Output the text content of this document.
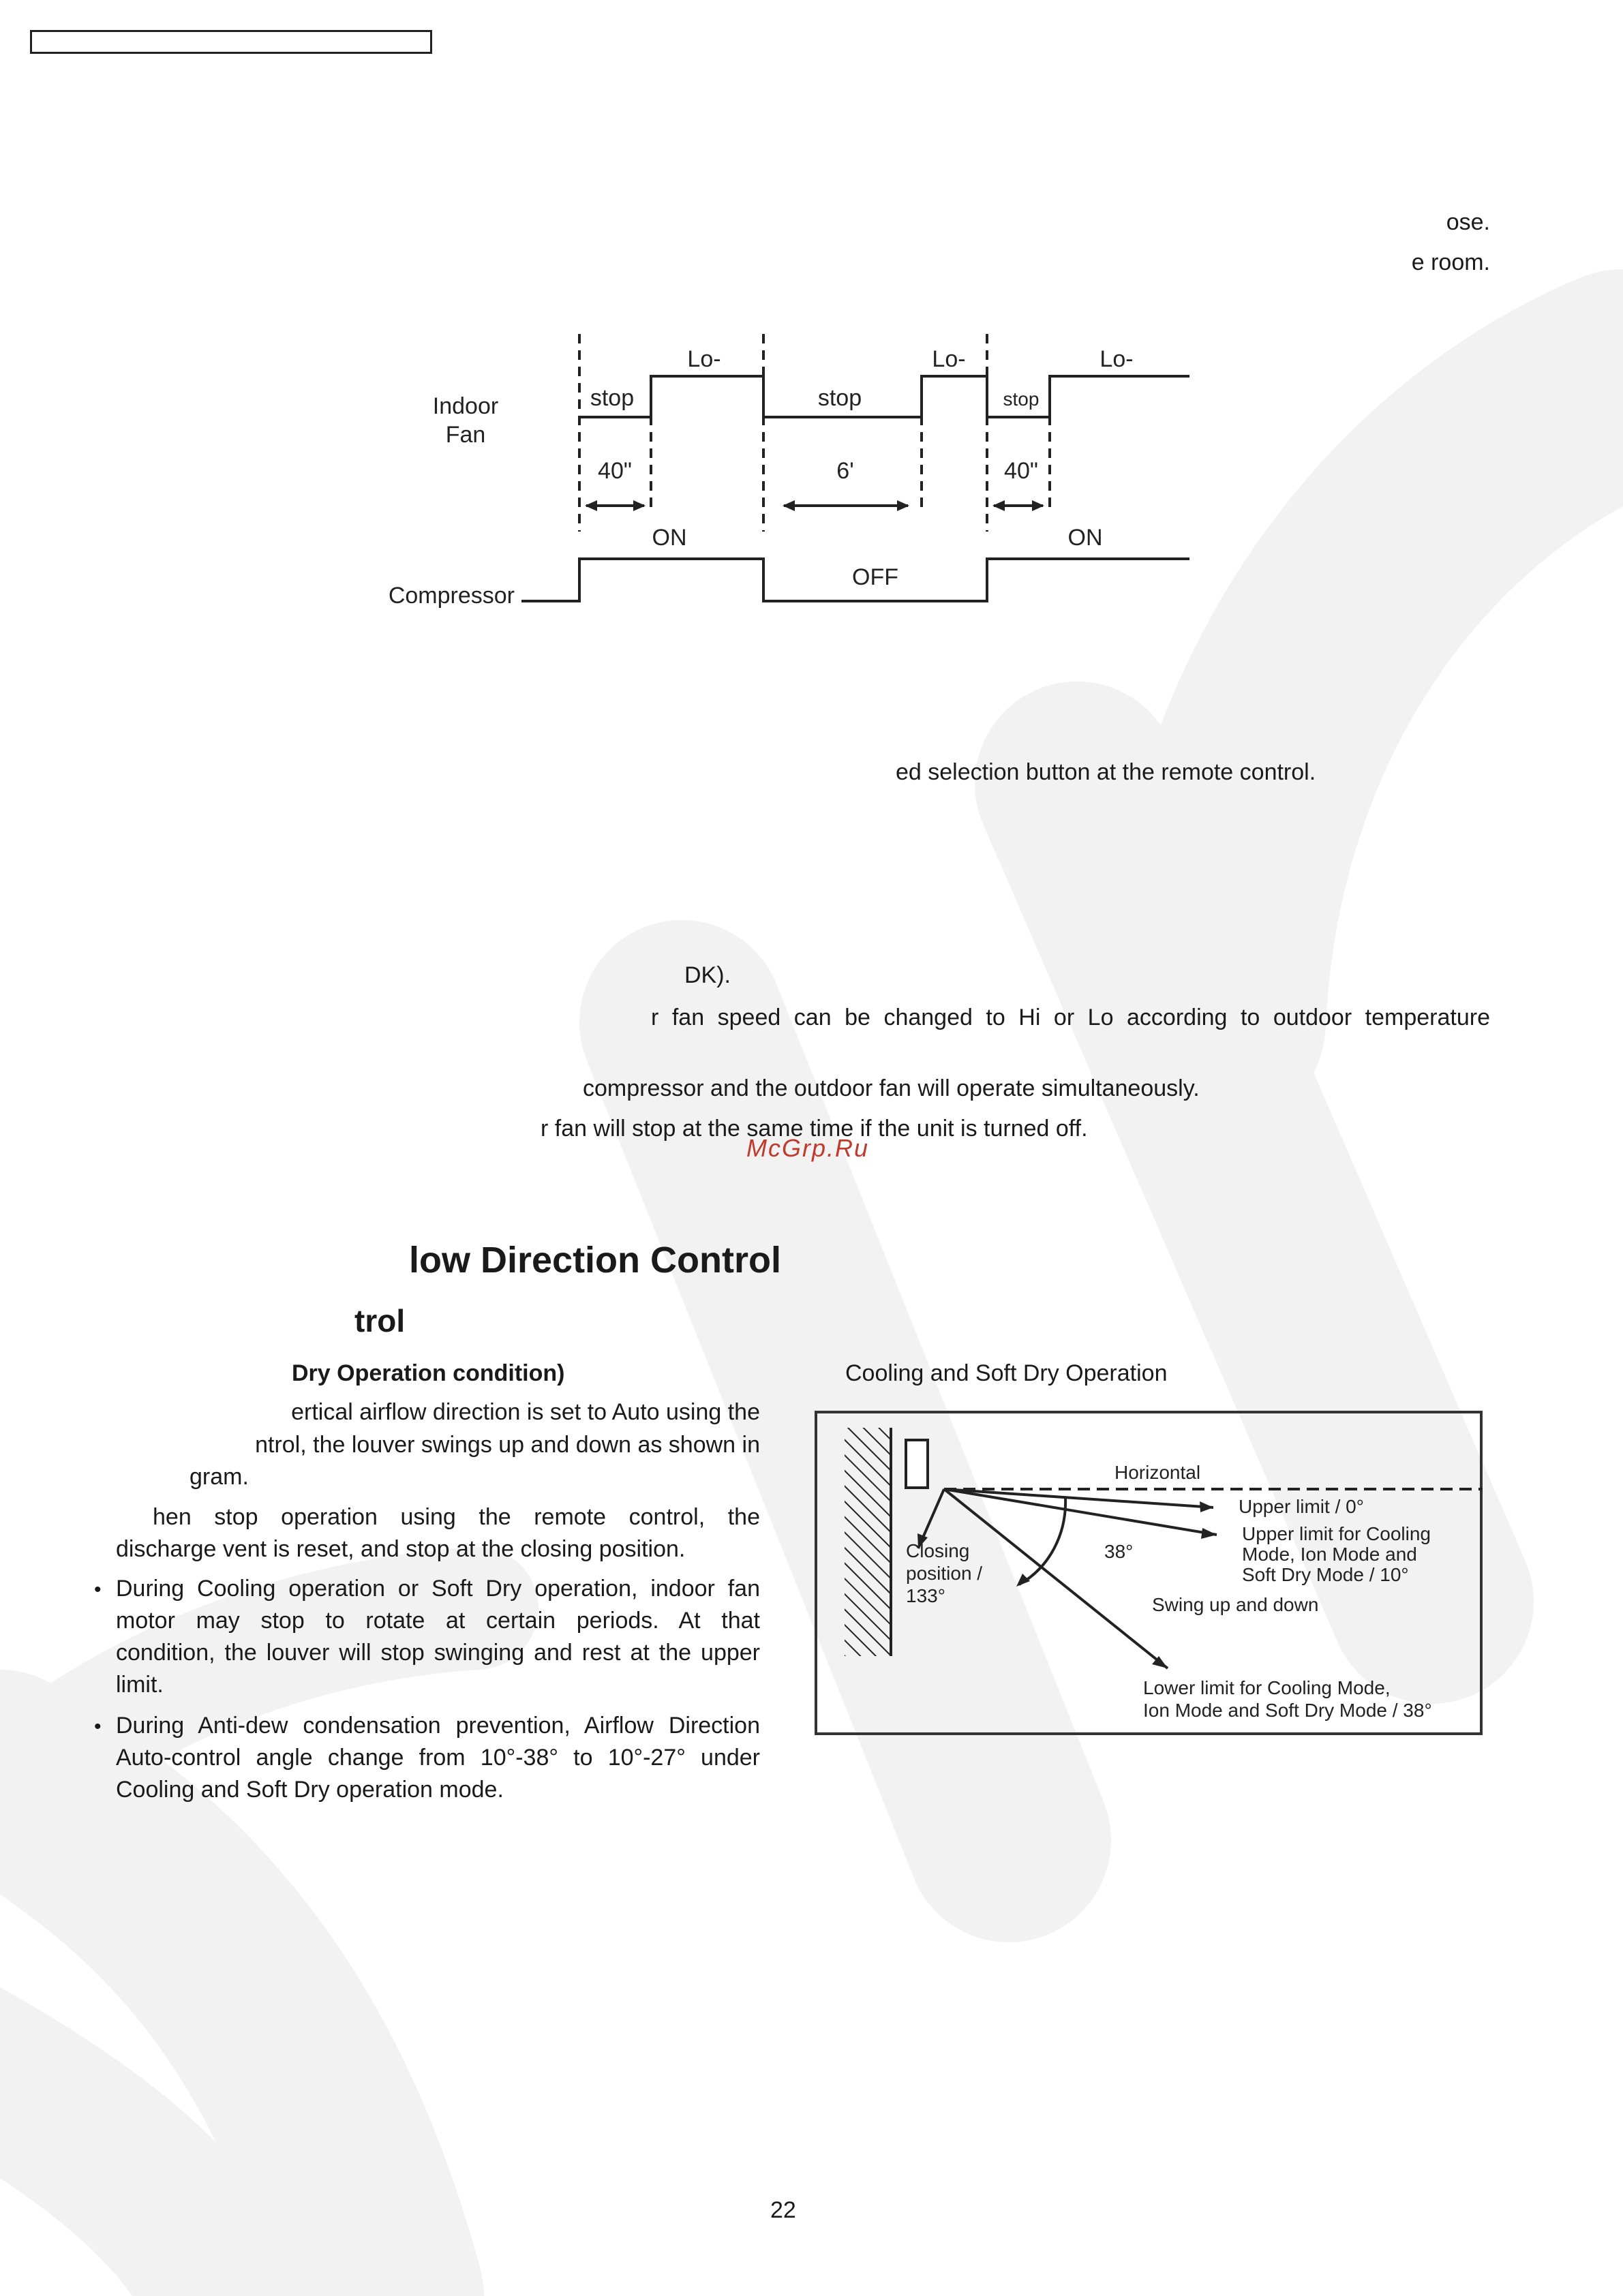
ose.
e room.
Indoor
Fan
Compressor
Lo-	Lo-	Lo-
stop	stop	stop
40"	6'	40"
ON
OFF
ON
ed selection button at the remote control.
DK).
r fan speed can be changed to Hi or Lo according to outdoor temperature
compressor and the outdoor fan will operate simultaneously.
r fan will stop at the same time if the unit is turned off.
McGrp.Ru
low Direction Control
trol
Dry Operation condition)
ertical airflow direction is set to Auto using the
ntrol, the louver swings up and down as shown in
gram.
hen stop operation using the remote control, the
discharge vent is reset, and stop at the closing position.
• During Cooling operation or Soft Dry operation, indoor fan
motor may stop to rotate at certain periods. At that
condition, the louver will stop swinging and rest at the upper
limit.
• During Anti-dew condensation prevention, Airflow Direction
Auto-control angle change from 10°-38° to 10°-27° under
Cooling and Soft Dry operation mode.
Cooling and Soft Dry Operation
Horizontal
Upper limit / 0°
Upper limit for Cooling
Mode, Ion Mode and
Soft Dry Mode / 10°
38°
Closing
position /
133°	Swing up and down
Lower limit for Cooling Mode,
Ion Mode and Soft Dry Mode / 38°
22
